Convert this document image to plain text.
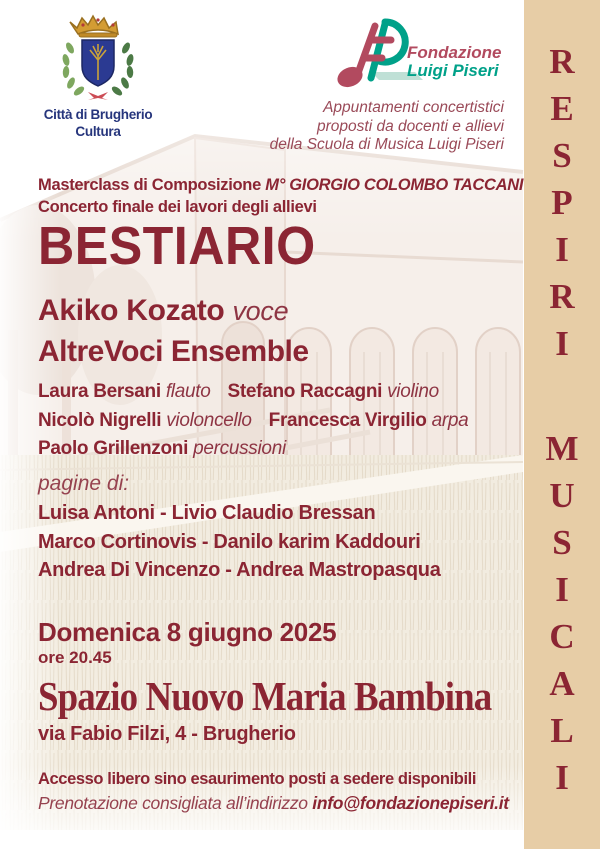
R
E
S
P
I
R
I
M
U
S
I
C
A
L
I
Città di Brugherio
Cultura
Fondazione
Luigi Piseri
Appuntamenti concertistici
proposti da docenti e allievi
della Scuola di Musica Luigi Piseri
Masterclass di Composizione M° GIORGIO COLOMBO TACCANI
Concerto finale dei lavori degli allievi
BESTIARIO
Akiko Kozato voce
AltreVoci Ensemble
Laura Bersani flauto Stefano Raccagni violino
Nicolò Nigrelli violoncello Francesca Virgilio arpa
Paolo Grillenzoni percussioni
pagine di:
Luisa Antoni - Livio Claudio Bressan
Marco Cortinovis - Danilo karim Kaddouri
Andrea Di Vincenzo - Andrea Mastropasqua
Domenica 8 giugno 2025
ore 20.45
Spazio Nuovo Maria Bambina
via Fabio Filzi, 4 - Brugherio
Accesso libero sino esaurimento posti a sedere disponibili
Prenotazione consigliata all’indirizzo info@fondazionepiseri.it
